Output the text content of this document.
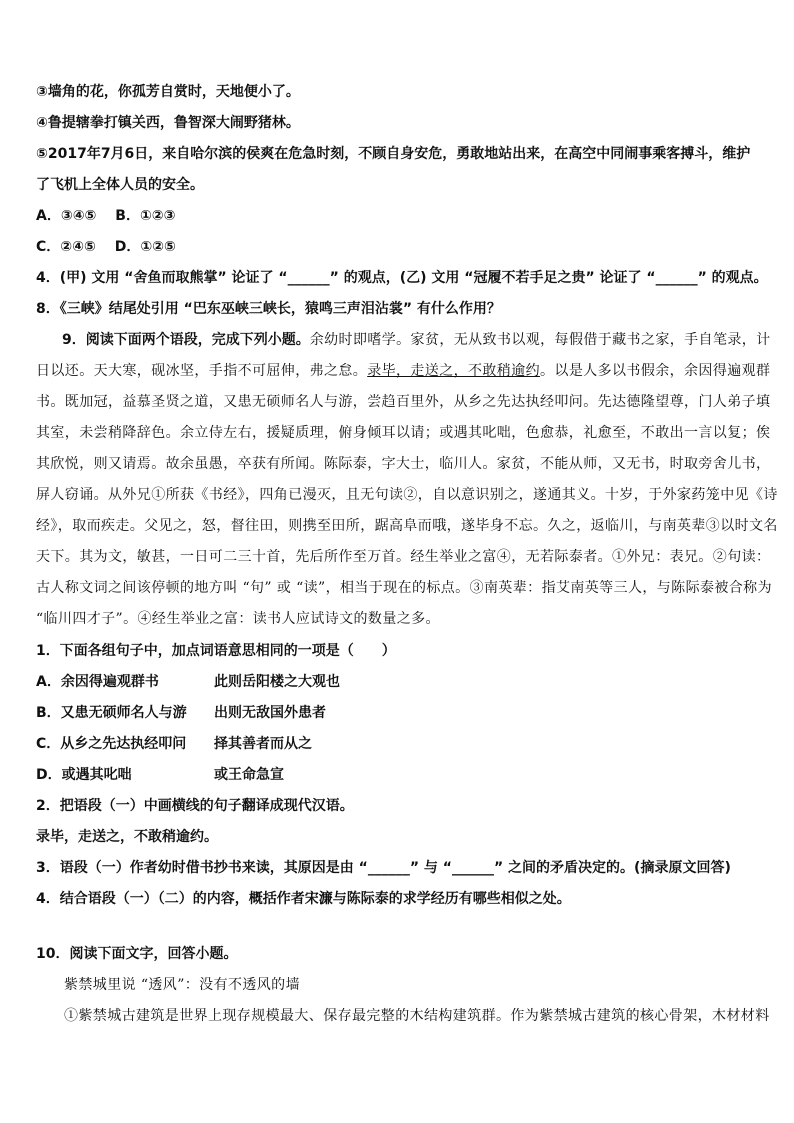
③墙角的花，你孤芳自赏时，天地便小了。
④鲁提辖拳打镇关西，鲁智深大闹野猪林。
⑤2017年7月6日，来自哈尔滨的侯爽在危急时刻，不顾自身安危，勇敢地站出来，在高空中同闹事乘客搏斗，维护
了飞机上全体人员的安全。
A．③④⑤　 B．①②③
C．②④⑤　 D．①②⑤
4．(甲) 文用 “舍鱼而取熊掌” 论证了 “______” 的观点，(乙) 文用 “冠履不若手足之贵” 论证了 “______” 的观点。
8．《三峡》结尾处引用 “巴东巫峡三峡长，猿鸣三声泪沾裳” 有什么作用？
9．阅读下面两个语段，完成下列小题。余幼时即嗜学。家贫，无从致书以观，每假借于藏书之家，手自笔录，计
日以还。天大寒，砚冰坚，手指不可屈伸，弗之怠。录毕，走送之，不敢稍逾约。以是人多以书假余，余因得遍观群
书。既加冠，益慕圣贤之道，又患无硕师名人与游，尝趋百里外，从乡之先达执经叩问。先达德隆望尊，门人弟子填
其室，未尝稍降辞色。余立侍左右，援疑质理，俯身倾耳以请；或遇其叱咄，色愈恭，礼愈至，不敢出一言以复；俟
其欣悦，则又请焉。故余虽愚，卒获有所闻。陈际泰，字大士，临川人。家贫，不能从师，又无书，时取旁舍儿书，
屏人窃诵。从外兄①所获《书经》，四角已漫灭，且无句读②，自以意识别之，遂通其义。十岁，于外家药笼中见《诗
经》，取而疾走。父见之，怒，督往田，则携至田所，踞高阜而哦，遂毕身不忘。久之，返临川，与南英辈③以时文名
天下。其为文，敏甚，一日可二三十首，先后所作至万首。经生举业之富④，无若际泰者。①外兄：表兄。②句读：
古人称文词之间该停顿的地方叫 “句” 或 “读”，相当于现在的标点。③南英辈：指艾南英等三人，与陈际泰被合称为
“临川四才子”。④经生举业之富：读书人应试诗文的数量之多。
1．下面各组句子中，加点词语意思相同的一项是（　　）
A．余因得遍观群书	此则岳阳楼之大观也
B．又患无硕师名人与游 出则无敌国外患者
C．从乡之先达执经叩问 择其善者而从之
D．或遇其叱咄	或王命急宣
2．把语段（一）中画横线的句子翻译成现代汉语。
录毕，走送之，不敢稍逾约。
3．语段（一）作者幼时借书抄书来读，其原因是由 “______” 与 “______” 之间的矛盾决定的。(摘录原文回答)
4．结合语段（一）（二）的内容，概括作者宋濂与陈际泰的求学经历有哪些相似之处。
10．阅读下面文字，回答小题。
紫禁城里说 “透风”：没有不透风的墙
①紫禁城古建筑是世界上现存规模最大、保存最完整的木结构建筑群。作为紫禁城古建筑的核心骨架，木材材料
